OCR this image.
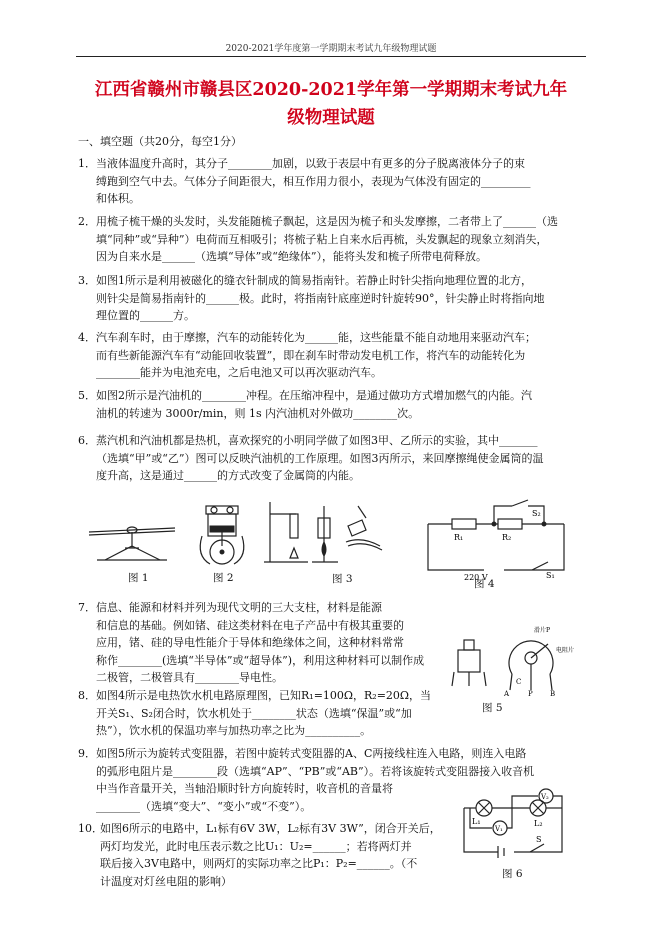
2020-2021学年度第一学期期末考试九年级物理试题
江西省赣州市赣县区2020-2021学年第一学期期末考试九年
级物理试题
一、填空题（共20分，每空1分）
1． 当液体温度升高时，其分子________加剧，以致于表层中有更多的分子脱离液体分子的束
缚跑到空气中去。气体分子间距很大，相互作用力很小，表现为气体没有固定的_________
和体积。
2． 用梳子梳干燥的头发时，头发能随梳子飘起，这是因为梳子和头发摩擦，二者带上了______（选
填“同种”或“异种”）电荷而互相吸引；将梳子粘上自来水后再梳，头发飘起的现象立刻消失，
因为自来水是______（选填“导体”或“绝缘体”），能将头发和梳子所带电荷释放。
3． 如图1所示是利用被磁化的缝衣针制成的简易指南针。若静止时针尖指向地理位置的北方，
则针尖是简易指南针的______极。此时，将指南针底座逆时针旋转90°，针尖静止时将指向地
理位置的______方。
4． 汽车刹车时，由于摩擦，汽车的动能转化为______能，这些能量不能自动地用来驱动汽车；
而有些新能源汽车有“动能回收装置”，即在刹车时带动发电机工作，将汽车的动能转化为
________能并为电池充电，之后电池又可以再次驱动汽车。
5． 如图2所示是汽油机的________冲程。在压缩冲程中，是通过做功方式增加燃气的内能。汽
油机的转速为 3000r/min，则 1s 内汽油机对外做功________次。
6． 蒸汽机和汽油机都是热机，喜欢探究的小明同学做了如图3甲、乙所示的实验，其中_______
（选填“甲”或“乙”）图可以反映汽油机的工作原理。如图3丙所示，来回摩擦绳使金属筒的温
度升高，这是通过______的方式改变了金属筒的内能。
图 1	图 2	图 3
R₁	R₂
S₂
S₁
220 V
图 4
7． 信息、能源和材料并列为现代文明的三大支柱，材料是能源
和信息的基础。例如锗、硅这类材料在电子产品中有极其重要的
应用，锗、硅的导电性能介于导体和绝缘体之间，这种材料常常
称作________(选填“半导体”或“超导体”)，利用这种材料可以制作成
二极管，二极管具有________导电性。
滑片P
电阻片
A	P B
C
图 5
8． 如图4所示是电热饮水机电路原理图，已知R₁=100Ω，R₂=20Ω，当
开关S₁、S₂闭合时，饮水机处于________状态（选填“保温”或“加
热”），饮水机的保温功率与加热功率之比为__________。
9． 如图5所示为旋转式变阻器，若图中旋转式变阻器的A、C两接线柱连入电路，则连入电路
的弧形电阻片是________段（选填“AP”、“PB”或“AB”）。若将该旋转式变阻器接入收音机
中当作音量开关，当轴沿顺时针方向旋转时，收音机的音量将
________（选填“变大”、“变小”或“不变”）。
10．
如图6所示的电路中，L₁标有6V 3W，L₂标有3V 3W”，闭合开关后，
两灯均发光，此时电压表示数之比U₁：U₂=______；若将两灯并
联后接入3V电路中，则两灯的实际功率之比P₁：P₂=______。（不
计温度对灯丝电阻的影响）
L₁	L₂
V₁
V₂
S
图 6
